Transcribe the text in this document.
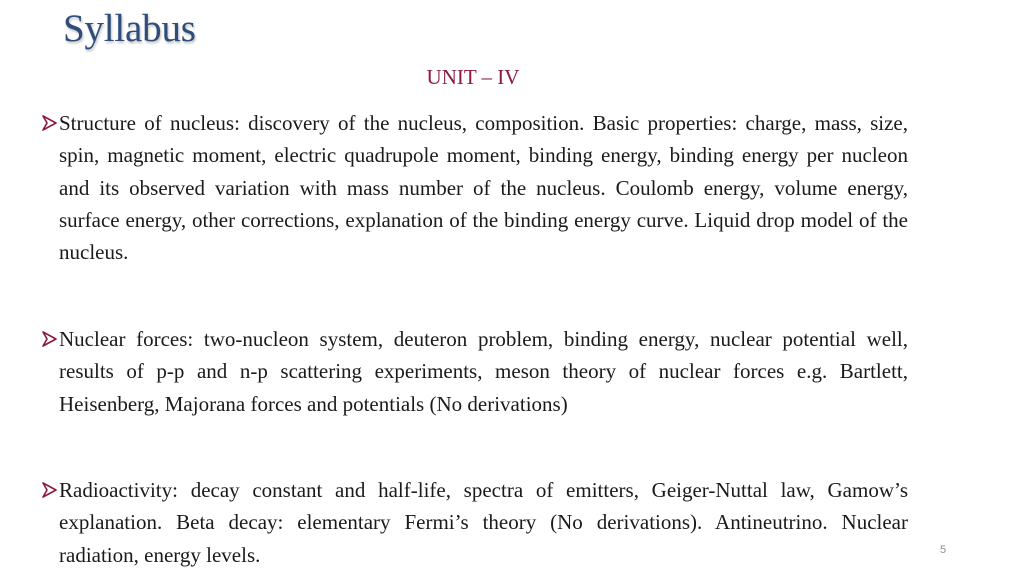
Syllabus
UNIT – IV
Structure of nucleus: discovery of the nucleus, composition. Basic properties: charge, mass, size, spin, magnetic moment, electric quadrupole moment, binding energy, binding energy per nucleon and its observed variation with mass number of the nucleus. Coulomb energy, volume energy, surface energy, other corrections, explanation of the binding energy curve. Liquid drop model of the nucleus.
Nuclear forces: two-nucleon system, deuteron problem, binding energy, nuclear potential well, results of p-p and n-p scattering experiments, meson theory of nuclear forces e.g. Bartlett, Heisenberg, Majorana forces and potentials (No derivations)
Radioactivity: decay constant and half-life, spectra of emitters, Geiger-Nuttal law, Gamow’s explanation. Beta decay: elementary Fermi’s theory (No derivations). Antineutrino. Nuclear radiation, energy levels.	5
